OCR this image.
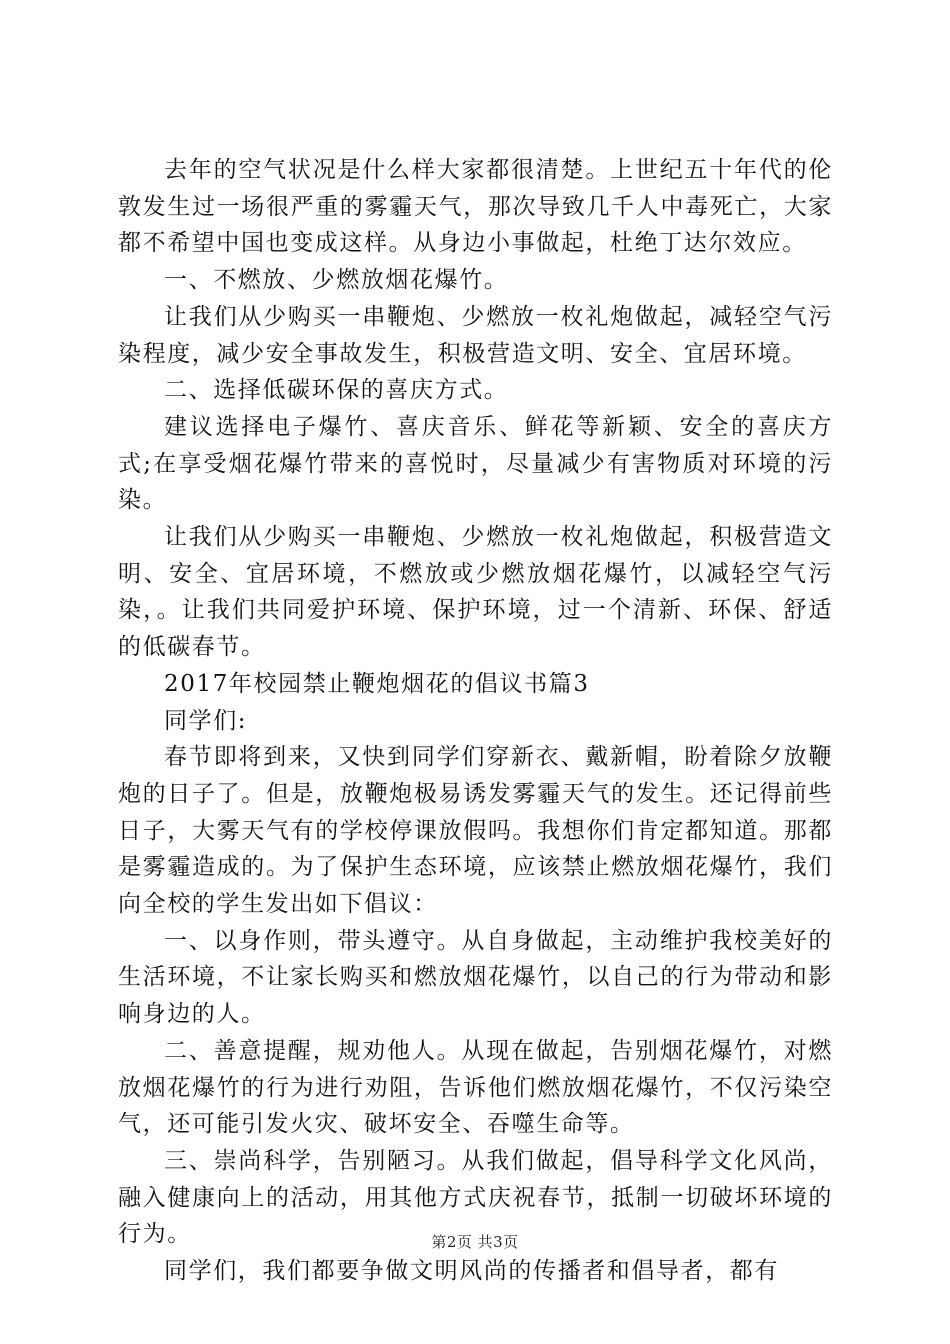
去年的空气状况是什么样大家都很清楚。上世纪五十年代的伦敦发生过一场很严重的雾霾天气，那次导致几千人中毒死亡，大家都不希望中国也变成这样。从身边小事做起，杜绝丁达尔效应。

一、不燃放、少燃放烟花爆竹。

让我们从少购买一串鞭炮、少燃放一枚礼炮做起，减轻空气污染程度，减少安全事故发生，积极营造文明、安全、宜居环境。

二、选择低碳环保的喜庆方式。

建议选择电子爆竹、喜庆音乐、鲜花等新颖、安全的喜庆方式;在享受烟花爆竹带来的喜悦时，尽量减少有害物质对环境的污染。

让我们从少购买一串鞭炮、少燃放一枚礼炮做起，积极营造文明、安全、宜居环境，不燃放或少燃放烟花爆竹，以减轻空气污染，。让我们共同爱护环境、保护环境，过一个清新、环保、舒适的低碳春节。

2017年校园禁止鞭炮烟花的倡议书篇3

同学们:

春节即将到来，又快到同学们穿新衣、戴新帽，盼着除夕放鞭炮的日子了。但是，放鞭炮极易诱发雾霾天气的发生。还记得前些日子，大雾天气有的学校停课放假吗。我想你们肯定都知道。那都是雾霾造成的。为了保护生态环境，应该禁止燃放烟花爆竹，我们向全校的学生发出如下倡议：

一、以身作则，带头遵守。从自身做起，主动维护我校美好的生活环境，不让家长购买和燃放烟花爆竹，以自己的行为带动和影响身边的人。

二、善意提醒，规劝他人。从现在做起，告别烟花爆竹，对燃放烟花爆竹的行为进行劝阻，告诉他们燃放烟花爆竹，不仅污染空气，还可能引发火灾、破坏安全、吞噬生命等。

三、崇尚科学，告别陋习。从我们做起，倡导科学文化风尚，融入健康向上的活动，用其他方式庆祝春节，抵制一切破坏环境的行为。

同学们，我们都要争做文明风尚的传播者和倡导者，都有

第2页 共3页
